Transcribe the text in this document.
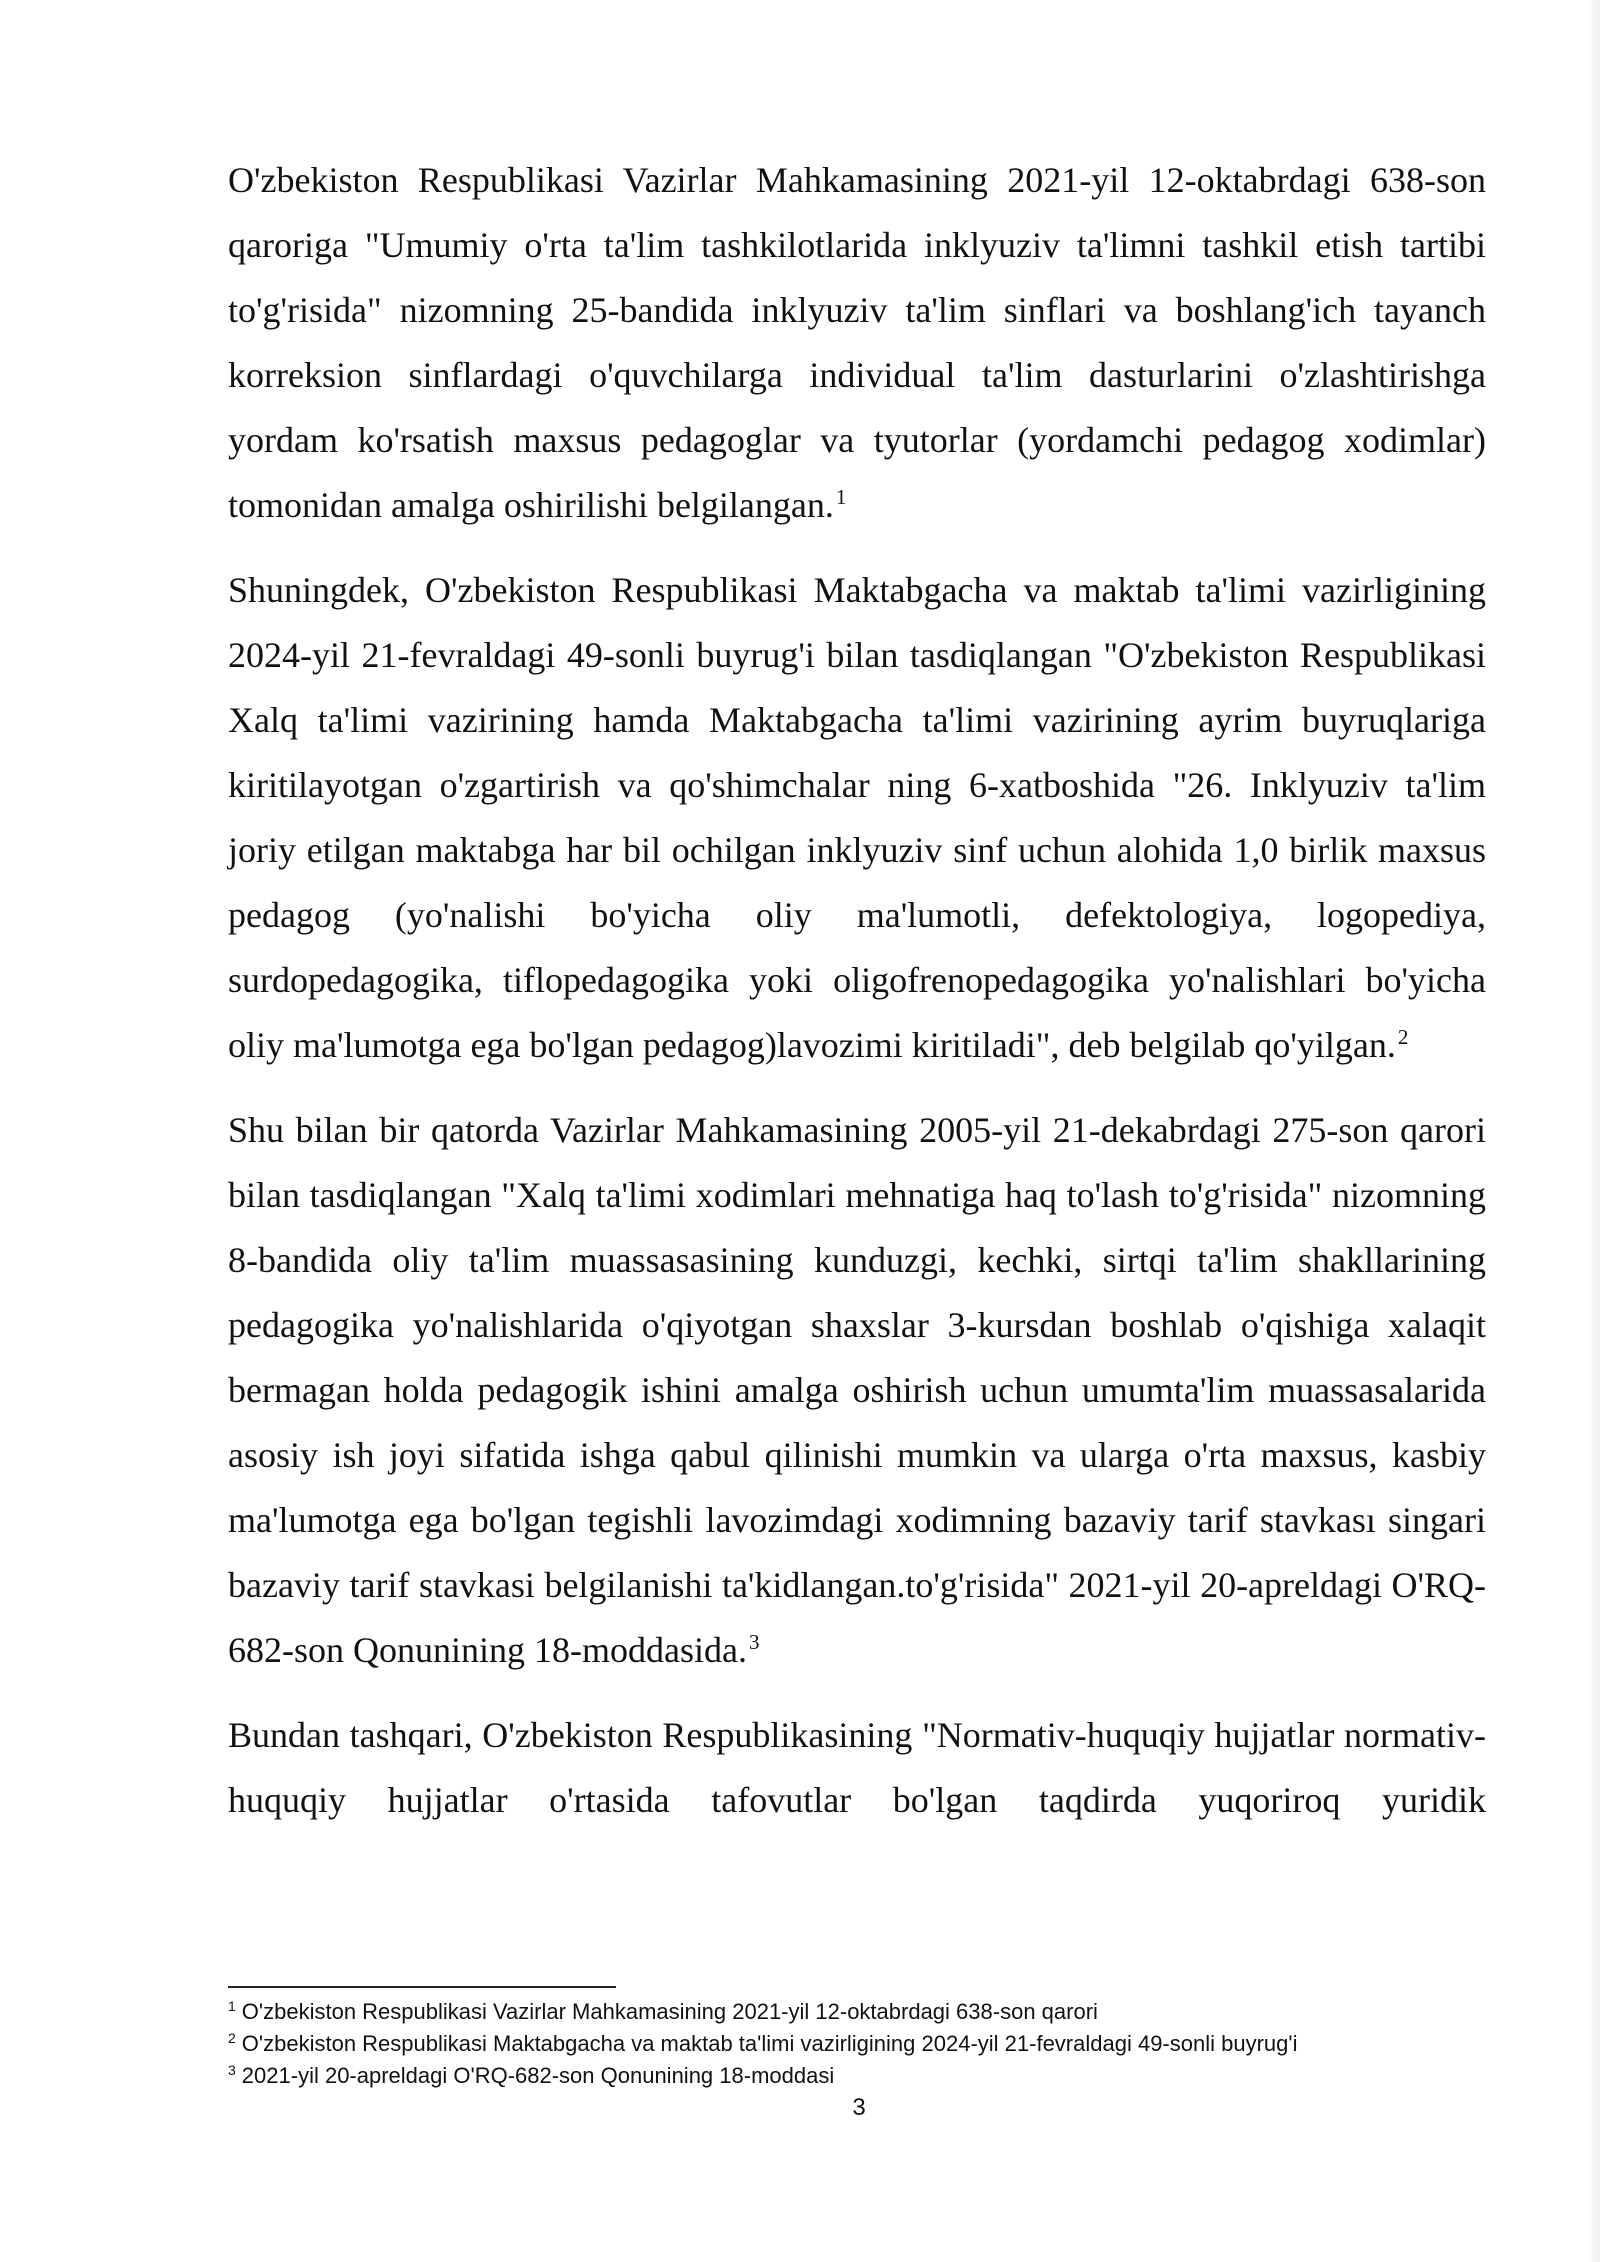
O'zbekiston Respublikasi Vazirlar Mahkamasining 2021-yil 12-oktabrdagi 638-son qaroriga "Umumiy o'rta ta'lim tashkilotlarida inklyuziv ta'limni tashkil etish tartibi to'g'risida" nizomning 25-bandida inklyuziv ta'lim sinflari va boshlang'ich tayanch korreksion sinflardagi o'quvchilarga individual ta'lim dasturlarini o'zlashtirishga yordam ko'rsatish maxsus pedagoglar va tyutorlar (yordamchi pedagog xodimlar) tomonidan amalga oshirilishi belgilangan.$^1$

Shuningdek, O'zbekiston Respublikasi Maktabgacha va maktab ta'limi vazirligining 2024-yil 21-fevraldagi 49-sonli buyrug'i bilan tasdiqlangan "O'zbekiston Respublikasi Xalq ta'limi vazirining hamda Maktabgacha ta'limi vazirining ayrim buyruqlariga kiritilayotgan o'zgartirish va qo'shimchalar ning 6-xatboshida "26. Inklyuziv ta'lim joriy etilgan maktabga har bil ochilgan inklyuziv sinf uchun alohida 1,0 birlik maxsus pedagog (yo'nalishi bo'yicha oliy ma'lumotli, defektologiya, logopediya, surdopedagogika, tiflopedagogika yoki oligofrenopedagogika yo'nalishlari bo'yicha oliy ma'lumotga ega bo'lgan pedagog)lavozimi kiritiladi", deb belgilab qo'yilgan.$^2$

Shu bilan bir qatorda Vazirlar Mahkamasining 2005-yil 21-dekabrdagi 275-son qarori bilan tasdiqlangan "Xalq ta'limi xodimlari mehnatiga haq to'lash to'g'risida" nizomning 8-bandida oliy ta'lim muassasasining kunduzgi, kechki, sirtqi ta'lim shakllarining pedagogika yo'nalishlarida o'qiyotgan shaxslar 3-kursdan boshlab o'qishiga xalaqit bermagan holda pedagogik ishini amalga oshirish uchun umumta'lim muassasalarida asosiy ish joyi sifatida ishga qabul qilinishi mumkin va ularga o'rta maxsus, kasbiy ma'lumotga ega bo'lgan tegishli lavozimdagi xodimning bazaviy tarif stavkası singari bazaviy tarif stavkasi belgilanishi ta'kidlangan.to'g'risida" 2021-yil 20-apreldagi O'RQ-682-son Qonunining 18-moddasida.$^3$

Bundan tashqari, O'zbekiston Respublikasining "Normativ-huquqiy hujjatlar normativ-huquqiy hujjatlar o'rtasida tafovutlar bo'lgan taqdirda yuqoriroq yuridik

$^1$ O'zbekiston Respublikasi Vazirlar Mahkamasining 2021-yil 12-oktabrdagi 638-son qarori

$^2$ O'zbekiston Respublikasi Maktabgacha va maktab ta'limi vazirligining 2024-yil 21-fevraldagi 49-sonli buyrug'i

$^3$ 2021-yil 20-apreldagi O'RQ-682-son Qonunining 18-moddasi

3
